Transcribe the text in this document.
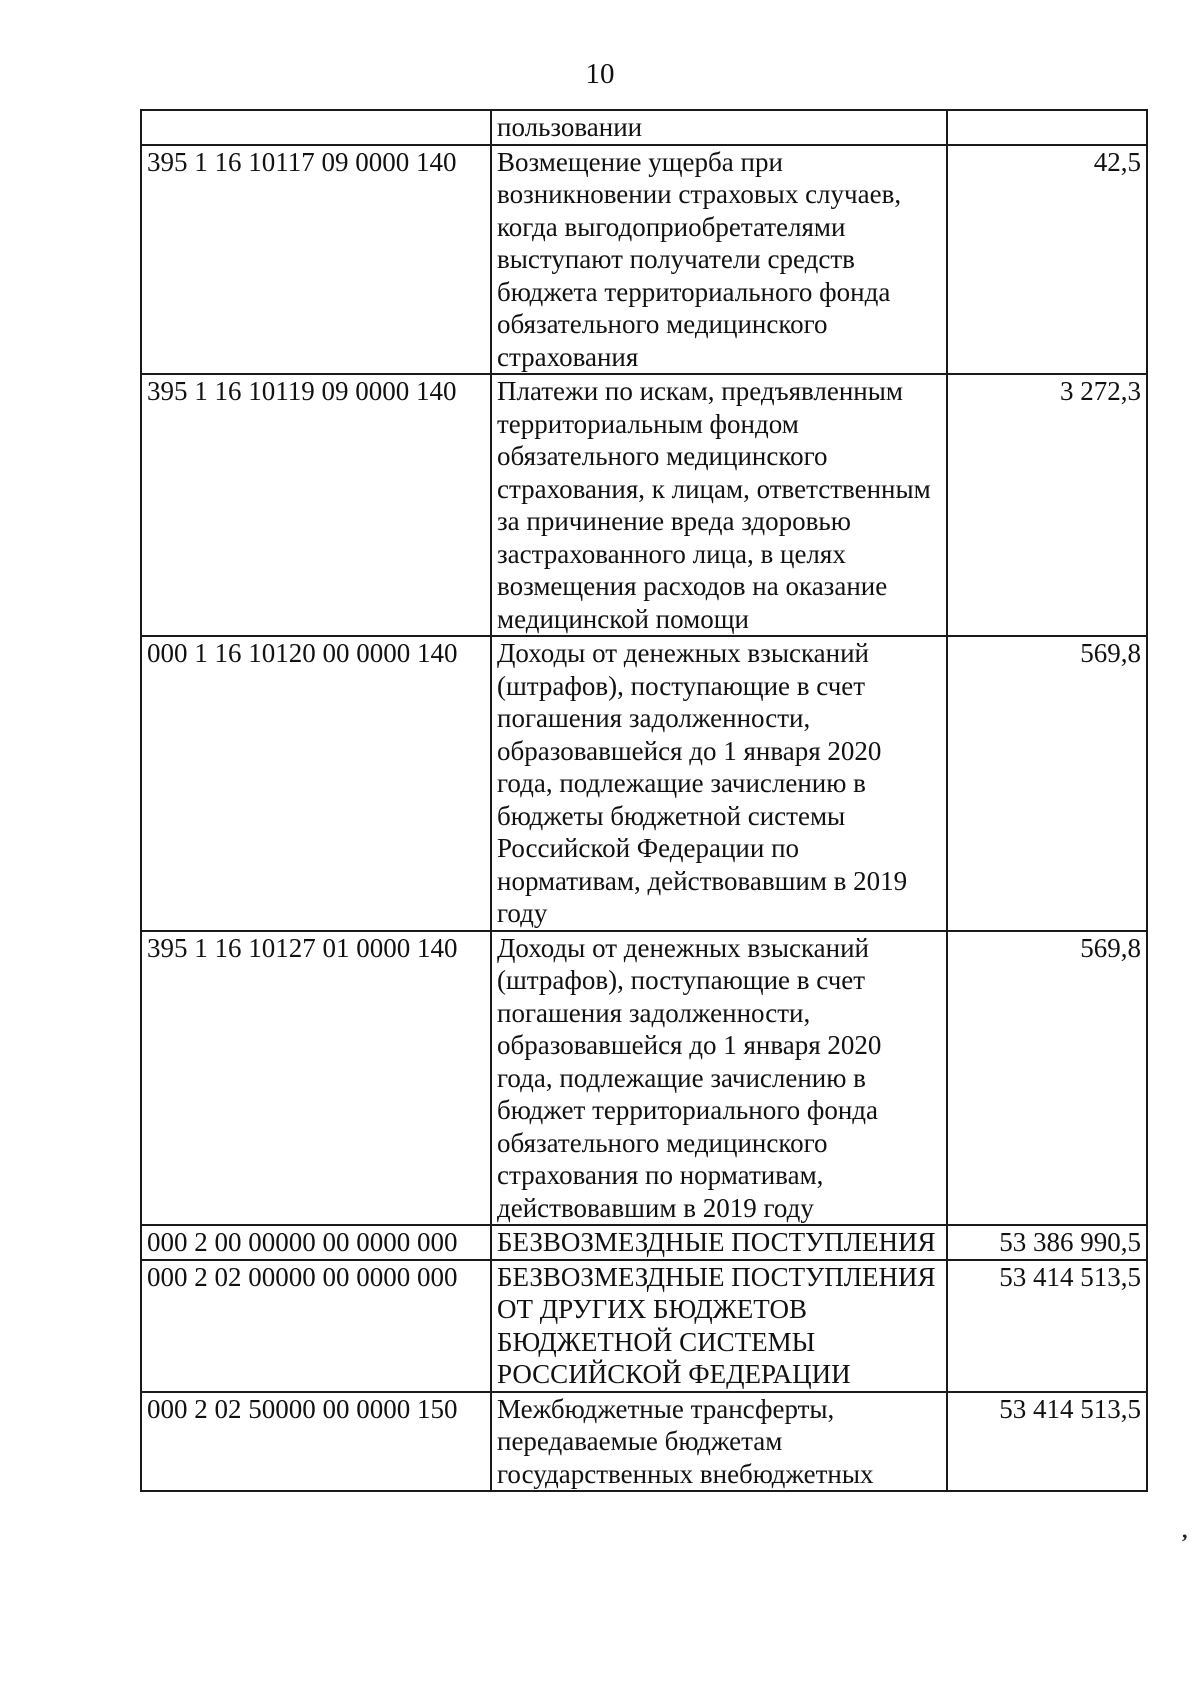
10
	пользовании	
395 1 16 10117 09 0000 140	Возмещение ущерба при возникновении страховых случаев, когда выгодоприобретателями выступают получатели средств бюджета территориального фонда обязательного медицинского страхования	42,5
395 1 16 10119 09 0000 140	Платежи по искам, предъявленным территориальным фондом обязательного медицинского страхования, к лицам, ответственным за причинение вреда здоровью застрахованного лица, в целях возмещения расходов на оказание медицинской помощи	3 272,3
000 1 16 10120 00 0000 140	Доходы от денежных взысканий (штрафов), поступающие в счет погашения задолженности, образовавшейся до 1 января 2020 года, подлежащие зачислению в бюджеты бюджетной системы Российской Федерации по нормативам, действовавшим в 2019 году	569,8
395 1 16 10127 01 0000 140	Доходы от денежных взысканий (штрафов), поступающие в счет погашения задолженности, образовавшейся до 1 января 2020 года, подлежащие зачислению в бюджет территориального фонда обязательного медицинского страхования по нормативам, действовавшим в 2019 году	569,8
000 2 00 00000 00 0000 000	БЕЗВОЗМЕЗДНЫЕ ПОСТУПЛЕНИЯ	53 386 990,5
000 2 02 00000 00 0000 000	БЕЗВОЗМЕЗДНЫЕ ПОСТУПЛЕНИЯ ОТ ДРУГИХ БЮДЖЕТОВ БЮДЖЕТНОЙ СИСТЕМЫ РОССИЙСКОЙ ФЕДЕРАЦИИ	53 414 513,5
000 2 02 50000 00 0000 150	Межбюджетные трансферты, передаваемые бюджетам государственных внебюджетных	53 414 513,5
,
